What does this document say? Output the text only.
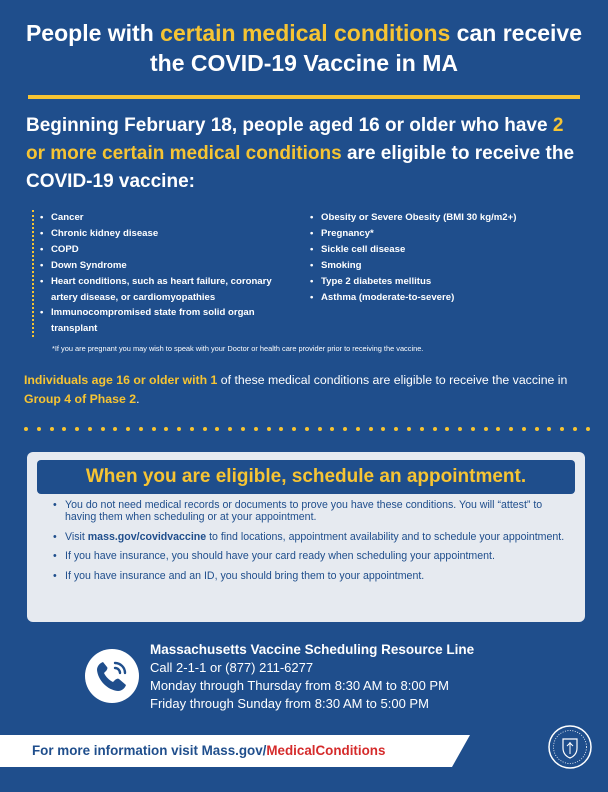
People with certain medical conditions can receive the COVID-19 Vaccine in MA
Beginning February 18, people aged 16 or older who have 2 or more certain medical conditions are eligible to receive the COVID-19 vaccine:
• Cancer
• Chronic kidney disease
• COPD
• Down Syndrome
• Heart conditions, such as heart failure, coronary artery disease, or cardiomyopathies
• Immunocompromised state from solid organ transplant
• Obesity or Severe Obesity (BMI 30 kg/m2+)
• Pregnancy*
• Sickle cell disease
• Smoking
• Type 2 diabetes mellitus
• Asthma (moderate-to-severe)
*If you are pregnant you may wish to speak with your Doctor or health care provider prior to receiving the vaccine.
Individuals age 16 or older with 1 of these medical conditions are eligible to receive the vaccine in Group 4 of Phase 2.
When you are eligible, schedule an appointment.
• You do not need medical records or documents to prove you have these conditions. You will “attest” to having them when scheduling or at your appointment.
• Visit mass.gov/covidvaccine to find locations, appointment availability and to schedule your appointment.
• If you have insurance, you should have your card ready when scheduling your appointment.
• If you have insurance and an ID, you should bring them to your appointment.
Massachusetts Vaccine Scheduling Resource Line
Call 2-1-1 or (877) 211-6277
Monday through Thursday from 8:30 AM to 8:00 PM
Friday through Sunday from 8:30 AM to 5:00 PM
For more information visit Mass.gov/MedicalConditions
